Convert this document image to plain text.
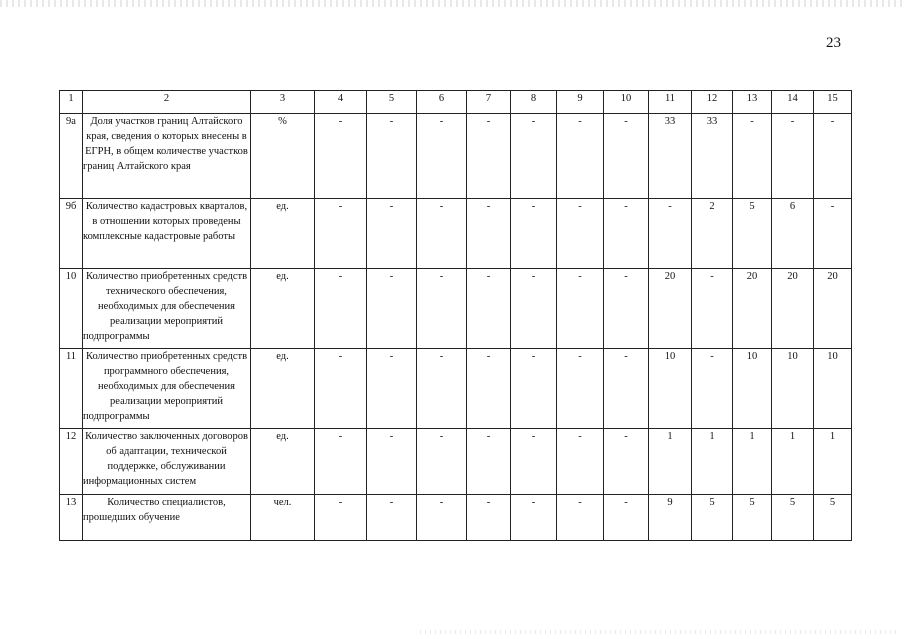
23
1	2	3	4	5	6	7	8	9	10	11	12	13	14	15
9а	Доля участков границ Алтайского края, сведения о которых внесены в ЕГРН, в общем количестве участков границ Алтайского края	%	-	-	-	-	-	-	-	33	33	-	-	-
9б	Количество кадастровых кварталов, в отношении которых проведены комплексные кадастровые работы	ед.	-	-	-	-	-	-	-	-	2	5	6	-
10	Количество приобретенных средств технического обеспечения, необходимых для обеспечения реализации мероприятий подпрограммы	ед.	-	-	-	-	-	-	-	20	-	20	20	20
11	Количество приобретенных средств программного обеспечения, необходимых для обеспечения реализации мероприятий подпрограммы	ед.	-	-	-	-	-	-	-	10	-	10	10	10
12	Количество заключенных договоров об адаптации, технической поддержке, обслуживании информационных систем	ед.	-	-	-	-	-	-	-	1	1	1	1	1
13	Количество специалистов, прошедших обучение	чел.	-	-	-	-	-	-	-	9	5	5	5	5
